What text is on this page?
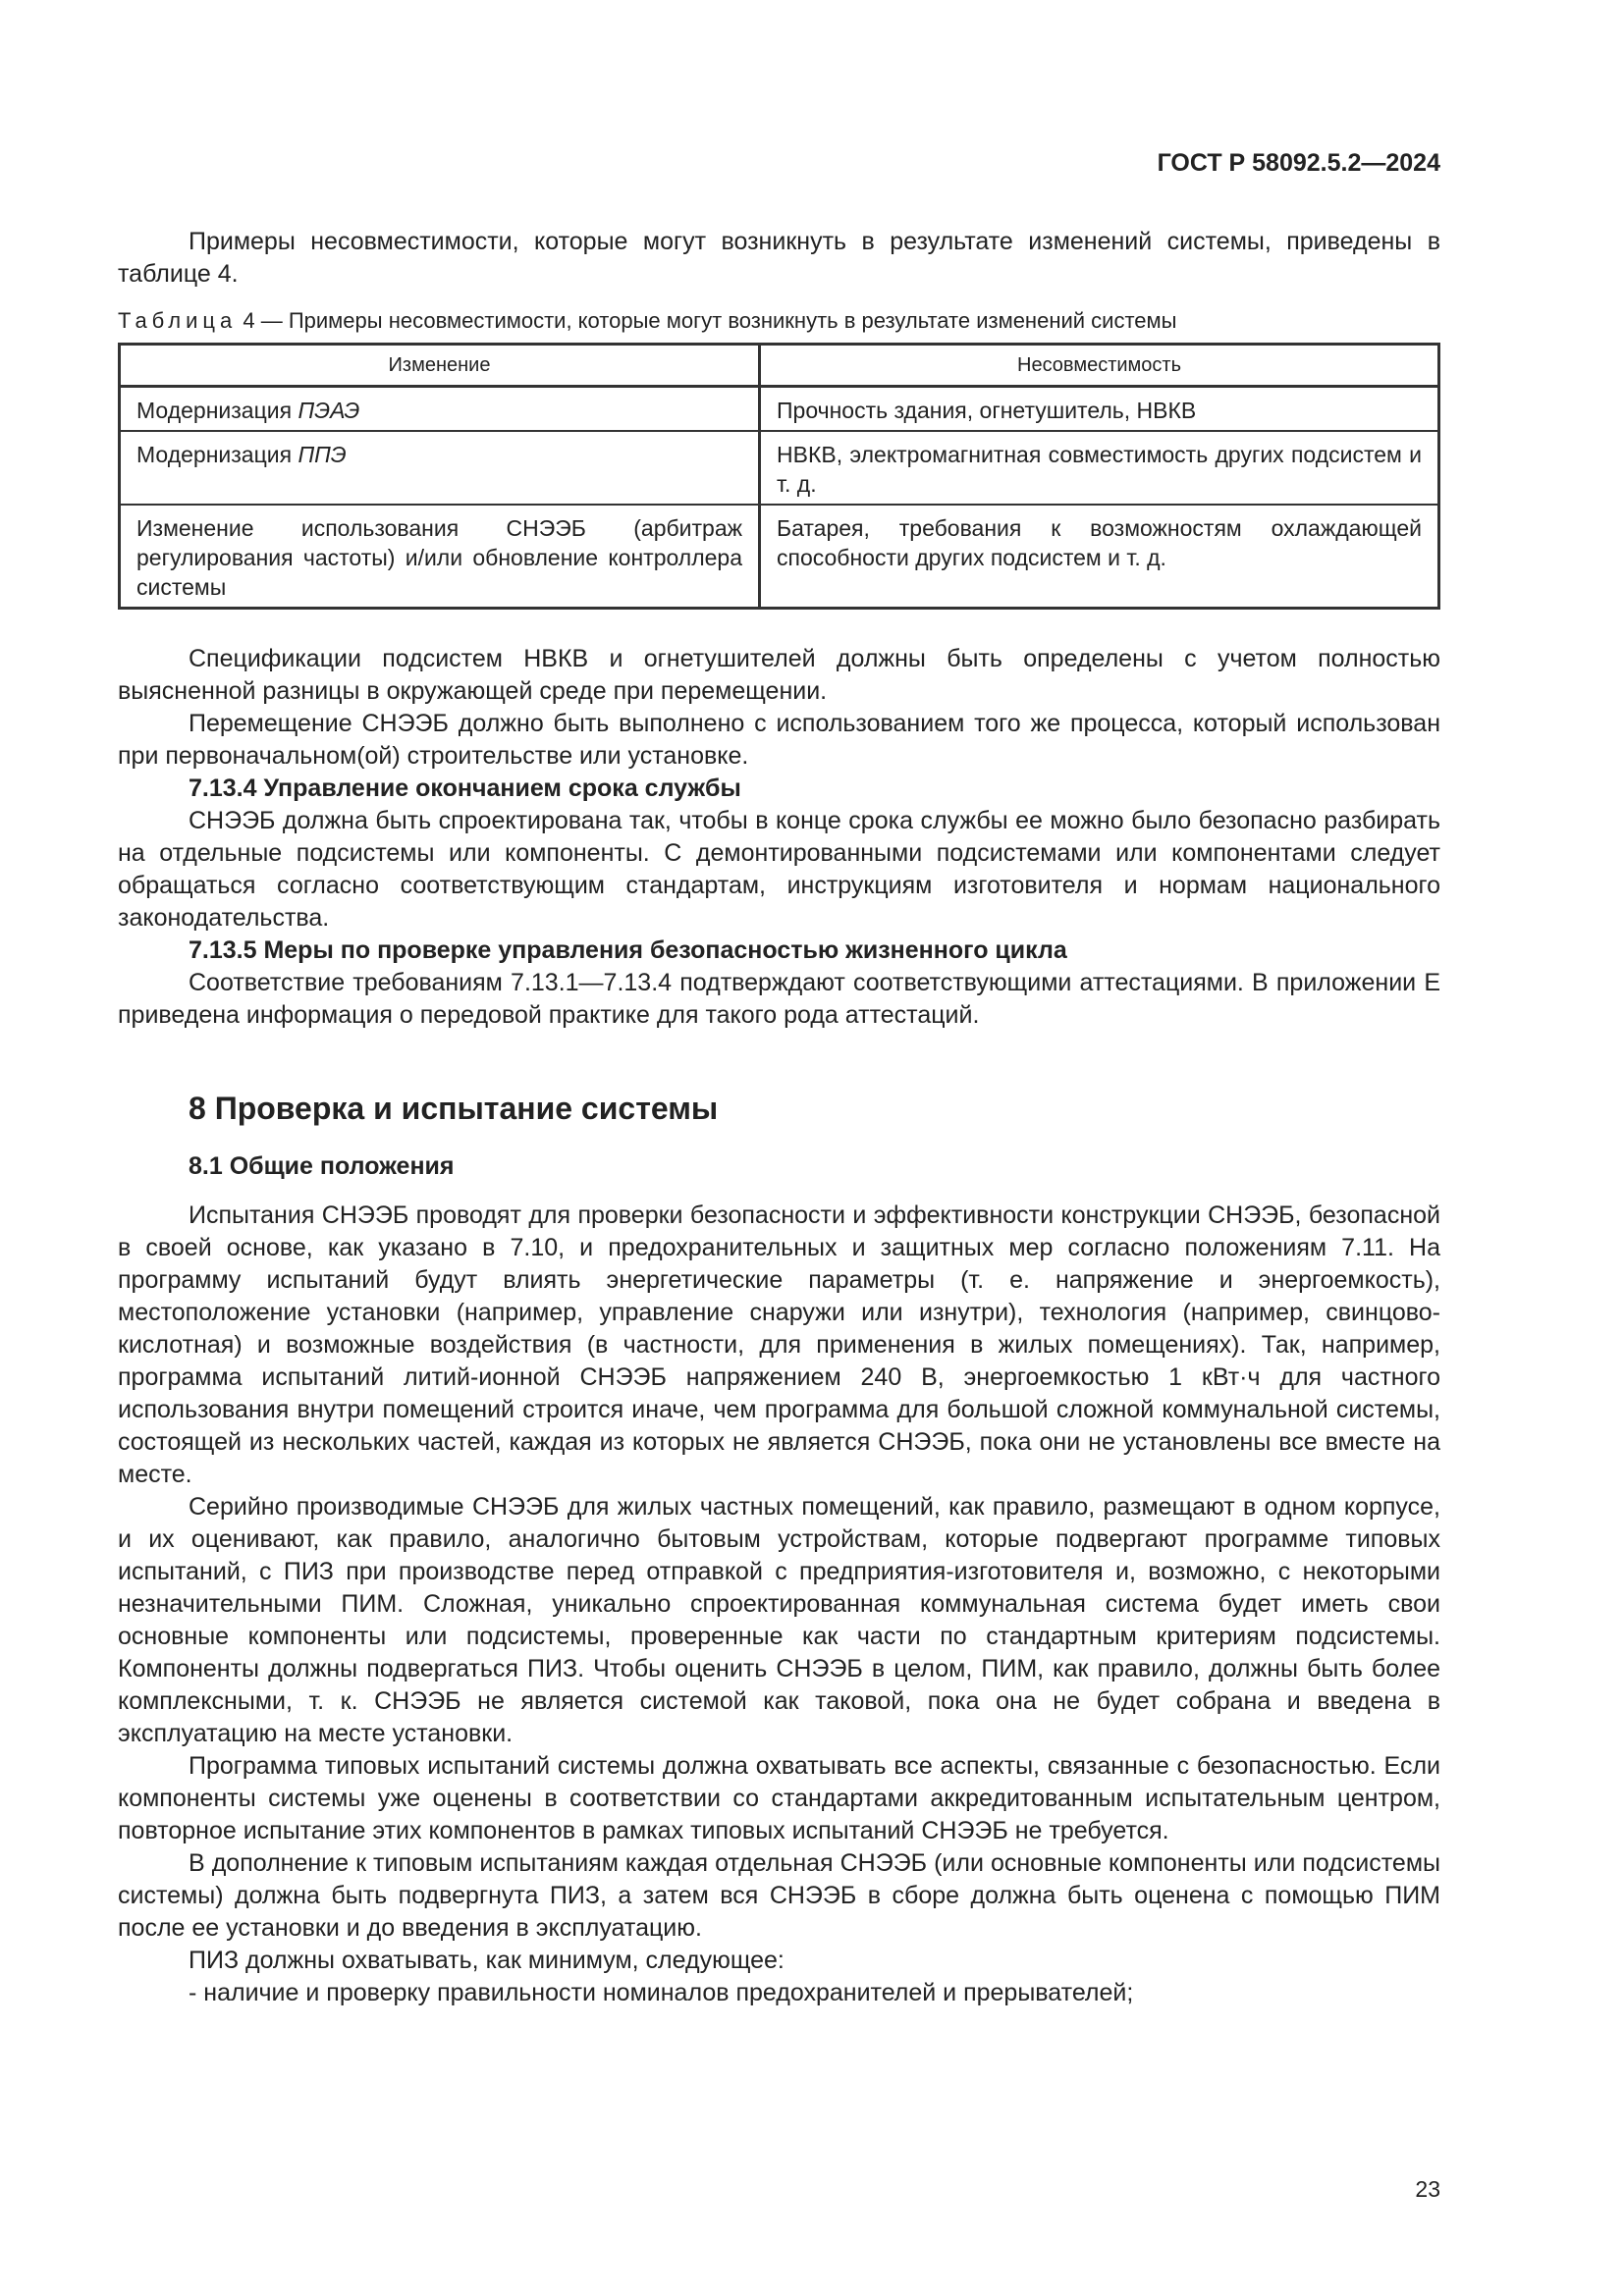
ГОСТ Р 58092.5.2—2024

Примеры несовместимости, которые могут возникнуть в результате изменений системы, приведены в таблице 4.

Таблица 4 — Примеры несовместимости, которые могут возникнуть в результате изменений системы
Изменение	Несовместимость
Модернизация ПЭАЭ	Прочность здания, огнетушитель, НВКВ
Модернизация ППЭ	НВКВ, электромагнитная совместимость других подсистем и т. д.
Изменение использования СНЭЭБ (арбитраж регулирования частоты) и/или обновление контроллера системы	Батарея, требования к возможностям охлаждающей способности других подсистем и т. д.

Спецификации подсистем НВКВ и огнетушителей должны быть определены с учетом полностью выясненной разницы в окружающей среде при перемещении.

Перемещение СНЭЭБ должно быть выполнено с использованием того же процесса, который использован при первоначальном(ой) строительстве или установке.

7.13.4 Управление окончанием срока службы

СНЭЭБ должна быть спроектирована так, чтобы в конце срока службы ее можно было безопасно разбирать на отдельные подсистемы или компоненты. С демонтированными подсистемами или компонентами следует обращаться согласно соответствующим стандартам, инструкциям изготовителя и нормам национального законодательства.

7.13.5 Меры по проверке управления безопасностью жизненного цикла

Соответствие требованиям 7.13.1—7.13.4 подтверждают соответствующими аттестациями. В приложении Е приведена информация о передовой практике для такого рода аттестаций.

8 Проверка и испытание системы
8.1 Общие положения

Испытания СНЭЭБ проводят для проверки безопасности и эффективности конструкции СНЭЭБ, безопасной в своей основе, как указано в 7.10, и предохранительных и защитных мер согласно положениям 7.11. На программу испытаний будут влиять энергетические параметры (т. е. напряжение и энергоемкость), местоположение установки (например, управление снаружи или изнутри), технология (например, свинцово-кислотная) и возможные воздействия (в частности, для применения в жилых помещениях). Так, например, программа испытаний литий-ионной СНЭЭБ напряжением 240 В, энергоемкостью 1 кВт·ч для частного использования внутри помещений строится иначе, чем программа для большой сложной коммунальной системы, состоящей из нескольких частей, каждая из которых не является СНЭЭБ, пока они не установлены все вместе на месте.

Серийно производимые СНЭЭБ для жилых частных помещений, как правило, размещают в одном корпусе, и их оценивают, как правило, аналогично бытовым устройствам, которые подвергают программе типовых испытаний, с ПИЗ при производстве перед отправкой с предприятия-изготовителя и, возможно, с некоторыми незначительными ПИМ. Сложная, уникально спроектированная коммунальная система будет иметь свои основные компоненты или подсистемы, проверенные как части по стандартным критериям подсистемы. Компоненты должны подвергаться ПИЗ. Чтобы оценить СНЭЭБ в целом, ПИМ, как правило, должны быть более комплексными, т. к. СНЭЭБ не является системой как таковой, пока она не будет собрана и введена в эксплуатацию на месте установки.

Программа типовых испытаний системы должна охватывать все аспекты, связанные с безопасностью. Если компоненты системы уже оценены в соответствии со стандартами аккредитованным испытательным центром, повторное испытание этих компонентов в рамках типовых испытаний СНЭЭБ не требуется.

В дополнение к типовым испытаниям каждая отдельная СНЭЭБ (или основные компоненты или подсистемы системы) должна быть подвергнута ПИЗ, а затем вся СНЭЭБ в сборе должна быть оценена с помощью ПИМ после ее установки и до введения в эксплуатацию.

ПИЗ должны охватывать, как минимум, следующее:

- наличие и проверку правильности номиналов предохранителей и прерывателей;
23
